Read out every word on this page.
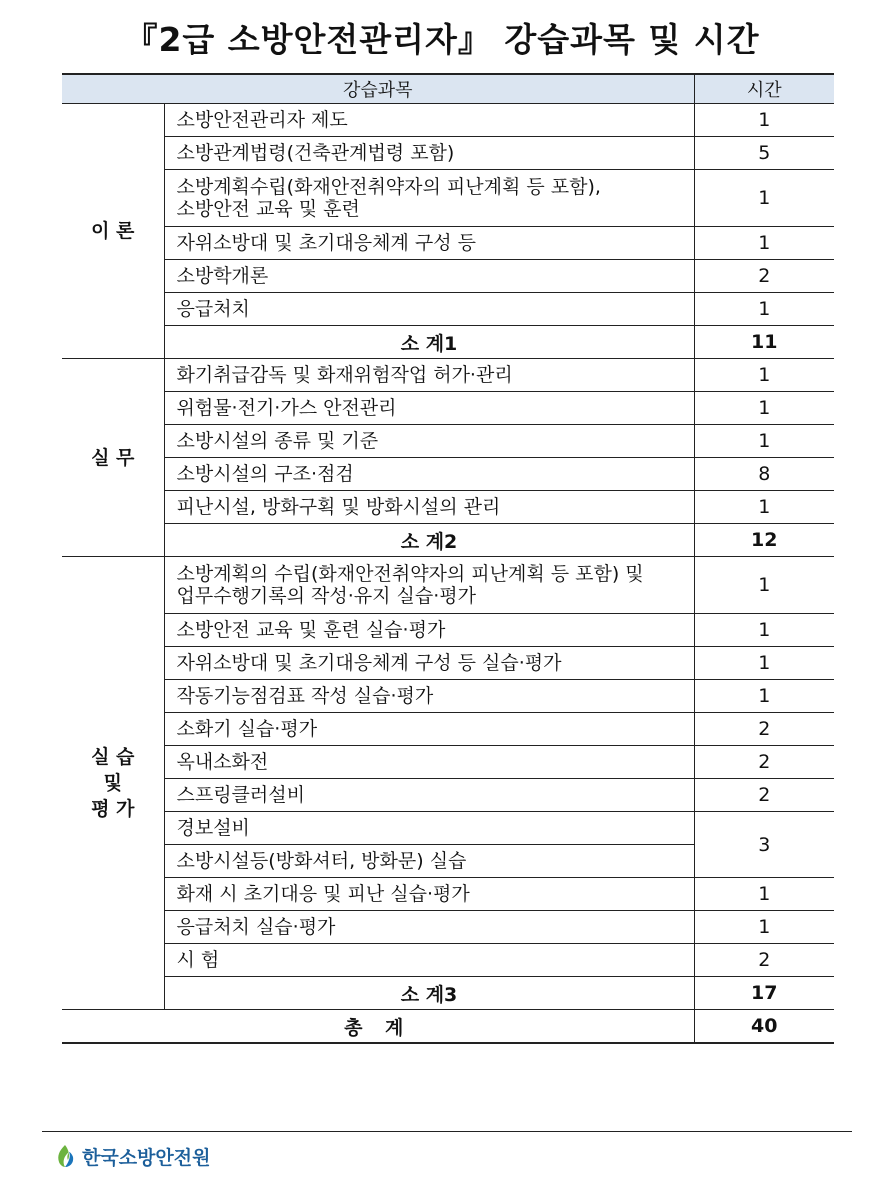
『2급 소방안전관리자』 강습과목 및 시간
강습과목		시간
이 론	소방안전관리자 제도	1
	소방관계법령(건축관계법령 포함)	5
	소방계획수립(화재안전취약자의 피난계획 등 포함),
소방안전 교육 및 훈련	1
	자위소방대 및 초기대응체계 구성 등	1
	소방학개론	2
	응급처치	1
	소 계1	11
실 무	화기취급감독 및 화재위험작업 허가·관리	1
	위험물·전기·가스 안전관리	1
	소방시설의 종류 및 기준	1
	소방시설의 구조·점검	8
	피난시설, 방화구획 및 방화시설의 관리	1
	소 계2	12
실 습
및
평 가	소방계획의 수립(화재안전취약자의 피난계획 등 포함) 및
업무수행기록의 작성·유지 실습·평가	1
	소방안전 교육 및 훈련 실습·평가	1
	자위소방대 및 초기대응체계 구성 등 실습·평가	1
	작동기능점검표 작성 실습·평가	1
	소화기 실습·평가	2
	옥내소화전	2
	스프링클러설비	2
	경보설비	3
	소방시설등(방화셔터, 방화문) 실습	
	화재 시 초기대응 및 피난 실습·평가	1
	응급처치 실습·평가	1
	시 험	2
	소 계3	17
총 계		40
한국소방안전원
